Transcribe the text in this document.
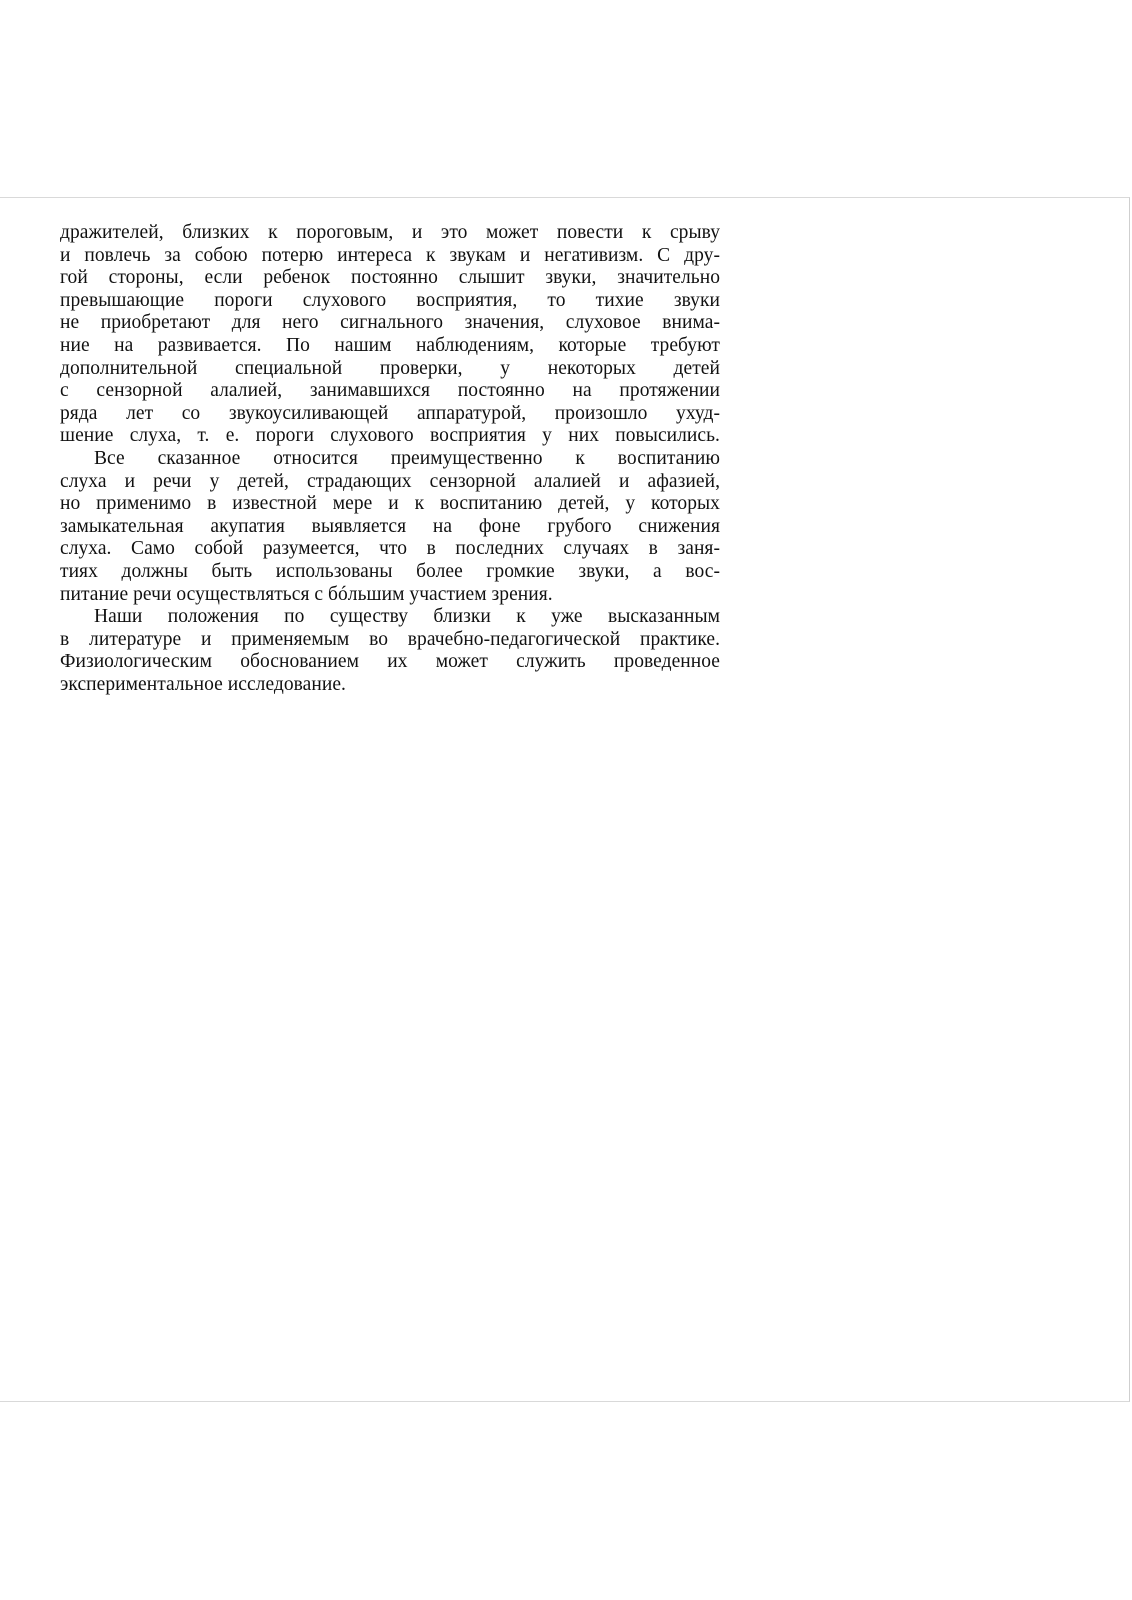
дражителей, близких к пороговым, и это может повести к срыву
и повлечь за собою потерю интереса к звукам и негативизм. С дру-
гой стороны, если ребенок постоянно слышит звуки, значительно
превышающие пороги слухового восприятия, то тихие звуки
не приобретают для него сигнального значения, слуховое внима-
ние на развивается. По нашим наблюдениям, которые требуют
дополнительной специальной проверки, у некоторых детей
с сензорной алалией, занимавшихся постоянно на протяжении
ряда лет со звукоусиливающей аппаратурой, произошло ухуд-
шение слуха, т. е. пороги слухового восприятия у них повысились.
Все сказанное относится преимущественно к воспитанию
слуха и речи у детей, страдающих сензорной алалией и афазией,
но применимо в известной мере и к воспитанию детей, у которых
замыкательная акупатия выявляется на фоне грубого снижения
слуха. Само собой разумеется, что в последних случаях в заня-
тиях должны быть использованы более громкие звуки, а вос-
питание речи осуществляться с бóльшим участием зрения.
Наши положения по существу близки к уже высказанным
в литературе и применяемым во врачебно-педагогической практике.
Физиологическим обоснованием их может служить проведенное
экспериментальное исследование.
